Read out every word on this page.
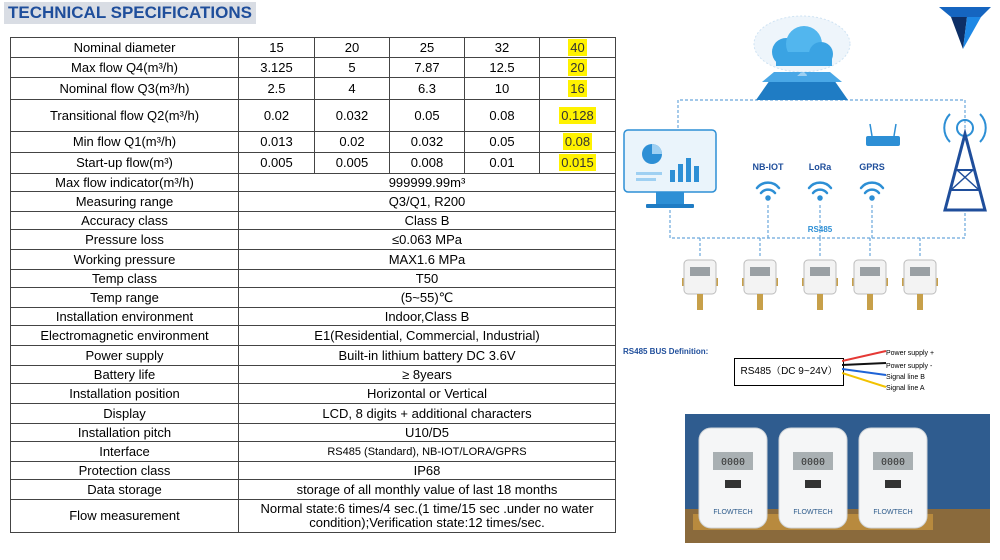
TECHNICAL SPECIFICATIONS
Nominal diameter	15	20	25	32	40
Max flow Q4(m³/h)	3.125	5	7.87	12.5	20
Nominal flow Q3(m³/h)	2.5	4	6.3	10	16
Transitional flow Q2(m³/h)	0.02	0.032	0.05	0.08	0.128
Min flow Q1(m³/h)	0.013	0.02	0.032	0.05	0.08
Start-up flow(m³)	0.005	0.005	0.008	0.01	0.015
Max flow indicator(m³/h)	999999.99m³				
Measuring range	Q3/Q1, R200				
Accuracy class	Class B				
Pressure loss	≤0.063 MPa				
Working pressure	MAX1.6 MPa				
Temp class	T50				
Temp range	(5~55)℃				
Installation environment	Indoor,Class B				
Electromagnetic environment	E1(Residential, Commercial, Industrial)				
Power supply	Built-in lithium battery DC 3.6V				
Battery life	≥ 8years				
Installation position	Horizontal or Vertical				
Display	LCD, 8 digits + additional characters				
Installation pitch	U10/D5				
Interface	RS485 (Standard), NB-IOT/LORA/GPRS				
Protection class	IP68				
Data storage	storage of all monthly value of last 18 months				
Flow measurement	Normal state:6 times/4 sec.(1 time/15 sec .under no water condition);Verification state:12 times/sec.				
☁
NB-IOT	LoRa	GPRS
RS485
RS485 BUS Definition:
RS485（DC 9~24V）
Power supply +
Power supply -
Signal line B
Signal line A
0000
FLOWTECH
0000
FLOWTECH
0000
FLOWTECH
